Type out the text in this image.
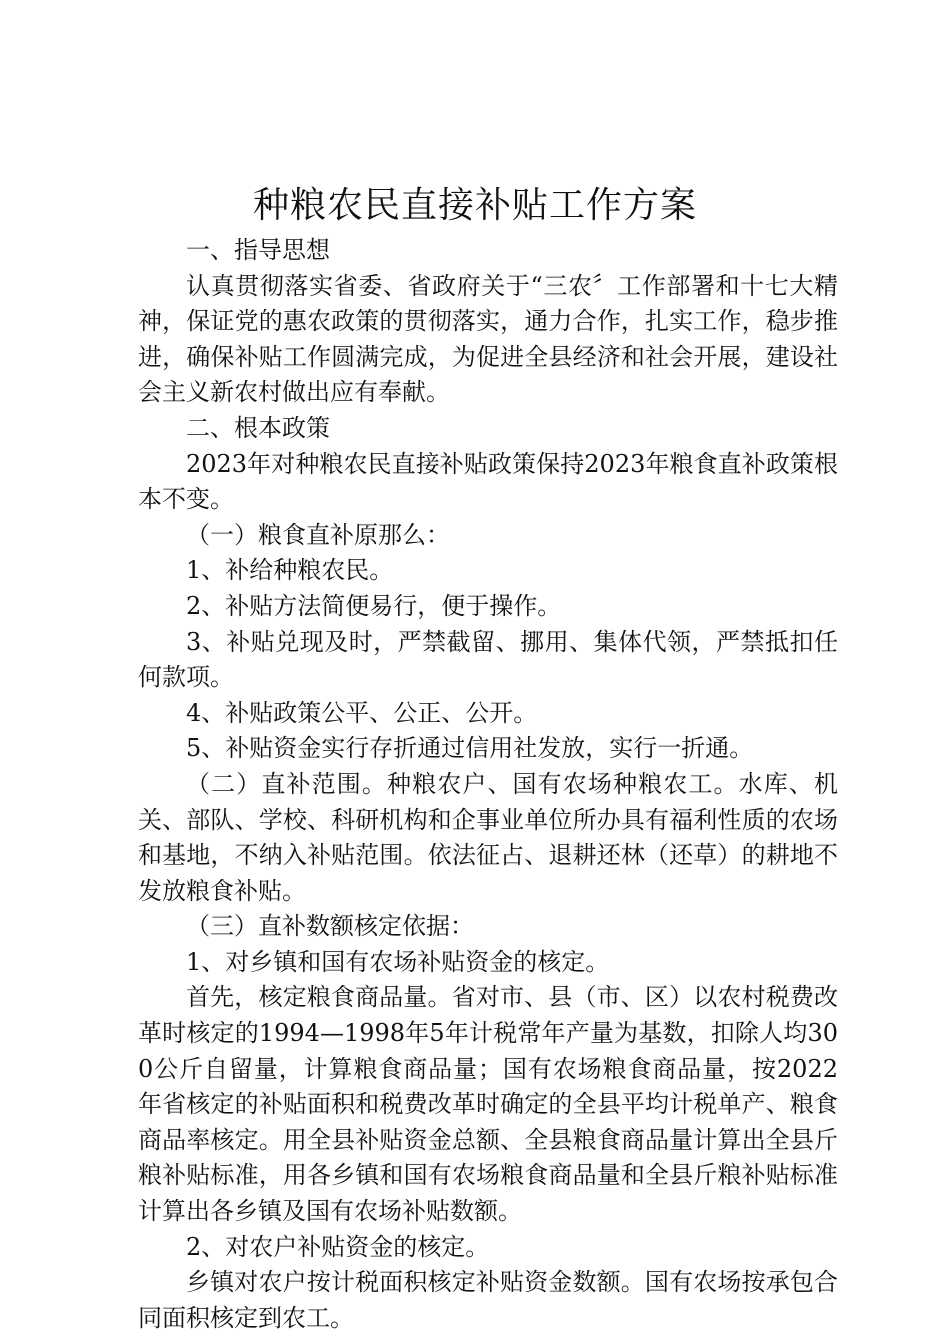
种粮农民直接补贴工作方案

一、指导思想

认真贯彻落实省委、省政府关于“三农〞工作部署和十七大精神，保证党的惠农政策的贯彻落实，通力合作，扎实工作，稳步推进，确保补贴工作圆满完成，为促进全县经济和社会开展，建设社会主义新农村做出应有奉献。

二、根本政策

2023年对种粮农民直接补贴政策保持2023年粮食直补政策根本不变。

（一）粮食直补原那么：

1、补给种粮农民。

2、补贴方法简便易行，便于操作。

3、补贴兑现及时，严禁截留、挪用、集体代领，严禁抵扣任何款项。

4、补贴政策公平、公正、公开。

5、补贴资金实行存折通过信用社发放，实行一折通。

（二）直补范围。种粮农户、国有农场种粮农工。水库、机关、部队、学校、科研机构和企事业单位所办具有福利性质的农场和基地，不纳入补贴范围。依法征占、退耕还林（还草）的耕地不发放粮食补贴。

（三）直补数额核定依据：

1、对乡镇和国有农场补贴资金的核定。

首先，核定粮食商品量。省对市、县（市、区）以农村税费改革时核定的1994—1998年5年计税常年产量为基数，扣除人均300公斤自留量，计算粮食商品量；国有农场粮食商品量，按2022年省核定的补贴面积和税费改革时确定的全县平均计税单产、粮食商品率核定。用全县补贴资金总额、全县粮食商品量计算出全县斤粮补贴标准，用各乡镇和国有农场粮食商品量和全县斤粮补贴标准计算出各乡镇及国有农场补贴数额。

2、对农户补贴资金的核定。

乡镇对农户按计税面积核定补贴资金数额。国有农场按承包合同面积核定到农工。
